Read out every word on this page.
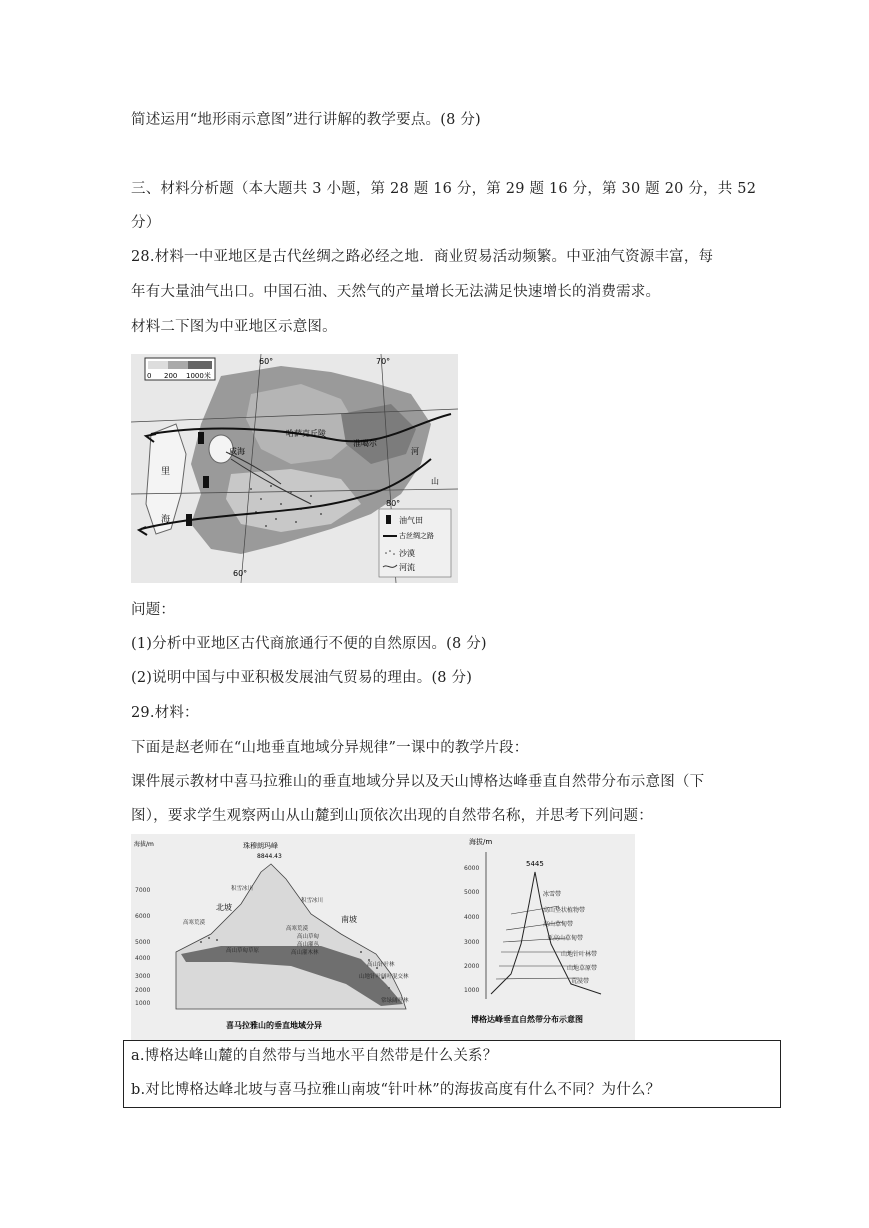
简述运用“地形雨示意图”进行讲解的教学要点。(8 分)
三、材料分析题（本大题共 3 小题，第 28 题 16 分，第 29 题 16 分，第 30 题 20 分，共 52
分）
28.材料一中亚地区是古代丝绸之路必经之地．商业贸易活动频繁。中亚油气资源丰富，每
年有大量油气出口。中国石油、天然气的产量增长无法满足快速增长的消费需求。
材料二下图为中亚地区示意图。
0 200 1000米
60°	70°
80°
60°
哈萨克丘陵
准噶尔
咸海
里
海
河
山
油气田
古丝绸之路
沙漠
河流
问题：
(1)分析中亚地区古代商旅通行不便的自然原因。(8 分)
(2)说明中国与中亚积极发展油气贸易的理由。(8 分)
29.材料：
下面是赵老师在“山地垂直地域分异规律”一课中的教学片段：
课件展示教材中喜马拉雅山的垂直地域分异以及天山博格达峰垂直自然带分布示意图（下
图），要求学生观察两山从山麓到山顶依次出现的自然带名称，并思考下列问题：
海拔/m
7000
6000
5000
4000
3000
2000
1000
珠穆朗玛峰
8844.43
北坡
南坡
积雪冰川
积雪冰川
高寒荒漠
高寒荒漠
高山草甸草原
高山草甸
高山灌丛
高山灌木林
高山针叶林
山地针叶阔叶混交林
常绿阔叶林
喜马拉雅山的垂直地域分异
海拔/m
6000
5000
4000
3000
2000
1000
5445
冰雪带
高山垫状植物带
高山草甸带
亚高山草甸带
山地针叶林带
山地草原带
荒漠带
博格达峰垂直自然带分布示意图
a.博格达峰山麓的自然带与当地水平自然带是什么关系？
b.对比博格达峰北坡与喜马拉雅山南坡“针叶林”的海拔高度有什么不同？为什么？
